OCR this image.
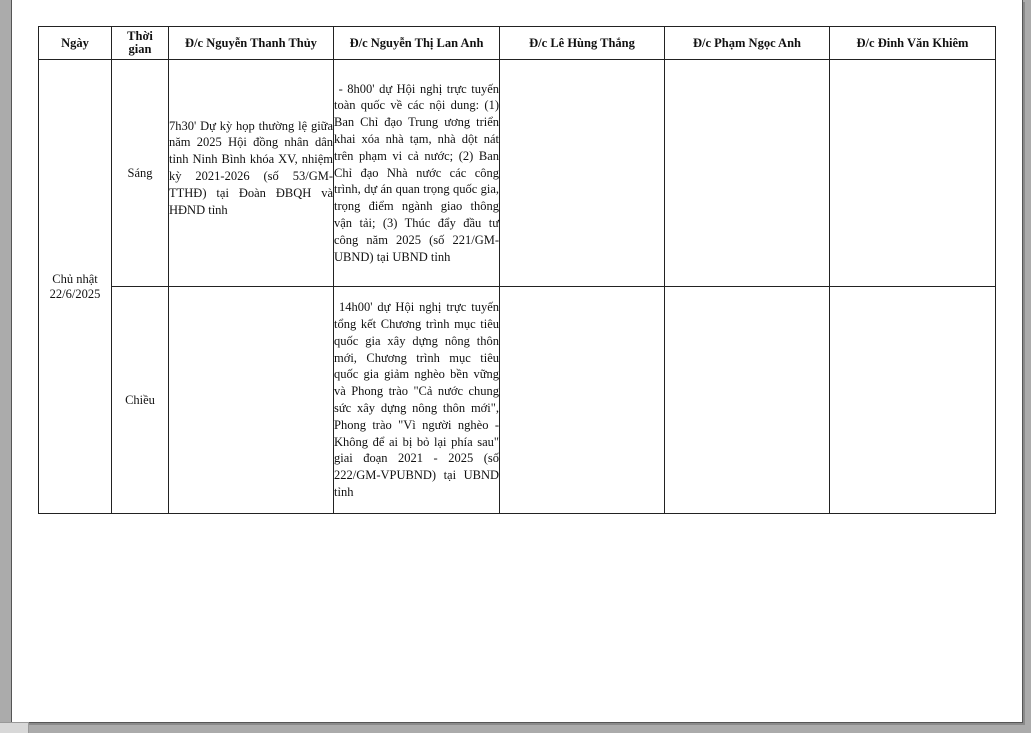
Ngày	Thời gian	Đ/c Nguyễn Thanh Thủy	Đ/c Nguyễn Thị Lan Anh	Đ/c Lê Hùng Thắng	Đ/c Phạm Ngọc Anh	Đ/c Đinh Văn Khiêm
Chủ nhật 22/6/2025	Sáng	7h30' Dự kỳ họp thường lệ giữa năm 2025 Hội đồng nhân dân tỉnh Ninh Bình khóa XV, nhiệm kỳ 2021-2026 (số 53/GM-TTHĐ) tại Đoàn ĐBQH và HĐND tỉnh	- 8h00' dự Hội nghị trực tuyến toàn quốc về các nội dung: (1) Ban Chỉ đạo Trung ương triển khai xóa nhà tạm, nhà dột nát trên phạm vi cả nước; (2) Ban Chỉ đạo Nhà nước các công trình, dự án quan trọng quốc gia, trọng điểm ngành giao thông vận tải; (3) Thúc đẩy đầu tư công năm 2025 (số 221/GM-UBND) tại UBND tỉnh			
	Chiều		14h00' dự Hội nghị trực tuyến tổng kết Chương trình mục tiêu quốc gia xây dựng nông thôn mới, Chương trình mục tiêu quốc gia giảm nghèo bền vững và Phong trào "Cả nước chung sức xây dựng nông thôn mới", Phong trào "Vì người nghèo - Không để ai bị bỏ lại phía sau" giai đoạn 2021 - 2025 (số 222/GM-VPUBND) tại UBND tỉnh			
